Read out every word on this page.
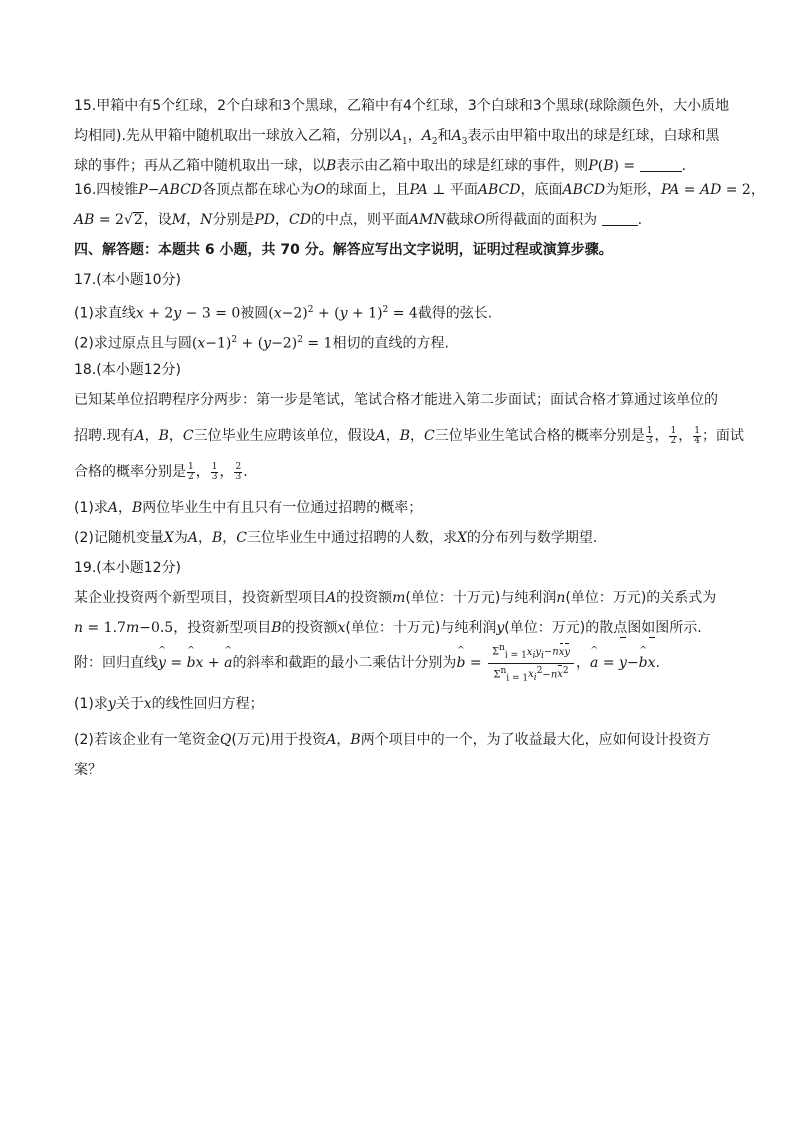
15.甲箱中有5个红球，2个白球和3个黑球，乙箱中有4个红球，3个白球和3个黑球(球除颜色外，大小质地
均相同).先从甲箱中随机取出一球放入乙箱，分别以$A_1$，$A_2$和$A_3$表示由甲箱中取出的球是红球，白球和黑
球的事件；再从乙箱中随机取出一球，以B表示由乙箱中取出的球是红球的事件，则P(B) =	.
16.四棱锥P−ABCD各顶点都在球心为O的球面上，且PA ⊥ 平面ABCD，底面ABCD为矩形，PA = AD = 2，
AB = 2√2，设M，N分别是PD，CD的中点，则平面AMN截球O所得截面的面积为	.
四、解答题：本题共 6 小题，共 70 分。解答应写出文字说明，证明过程或演算步骤。
17.(本小题10分)
(1)求直线x + 2y − 3 = 0被圆$(x-2)^2 + (y + 1)^2 = 4$截得的弦长.
(2)求过原点且与圆$(x-1)^2 + (y-2)^2 = 1$相切的直线的方程.
18.(本小题12分)
已知某单位招聘程序分两步：第一步是笔试，笔试合格才能进入第二步面试；面试合格才算通过该单位的
招聘.现有A，B，C三位毕业生应聘该单位，假设A，B，C三位毕业生笔试合格的概率分别是 $\frac{1}{3}$ ， $\frac{1}{2}$ ， $\frac{1}{4}$ ；面试
合格的概率分别是 $\frac{1}{2}$ ， $\frac{1}{3}$ ， $\frac{2}{3}$ .
(1)求A，B两位毕业生中有且只有一位通过招聘的概率；
(2)记随机变量X为A，B，C三位毕业生中通过招聘的人数，求X的分布列与数学期望.
19.(本小题12分)
某企业投资两个新型项目，投资新型项目A的投资额m(单位：十万元)与纯利润n(单位：万元)的关系式为
n = 1.7m−0.5，投资新型项目B的投资额x(单位：十万元)与纯利润y(单位：万元)的散点图如图所示.
附：回归直线^ y = ^ bx + ^ a的斜率和截距的最小二乘估计分别为^ $b = \frac{\Sigma^n_{i = 1}x_iy_i-nxy}{\Sigma^n_{i = 1}x_i^2-nx^2}$ ，^ a = y−^ bx.
(1)求y关于x的线性回归方程；
(2)若该企业有一笔资金Q(万元)用于投资A，B两个项目中的一个，为了收益最大化，应如何设计投资方
案？
